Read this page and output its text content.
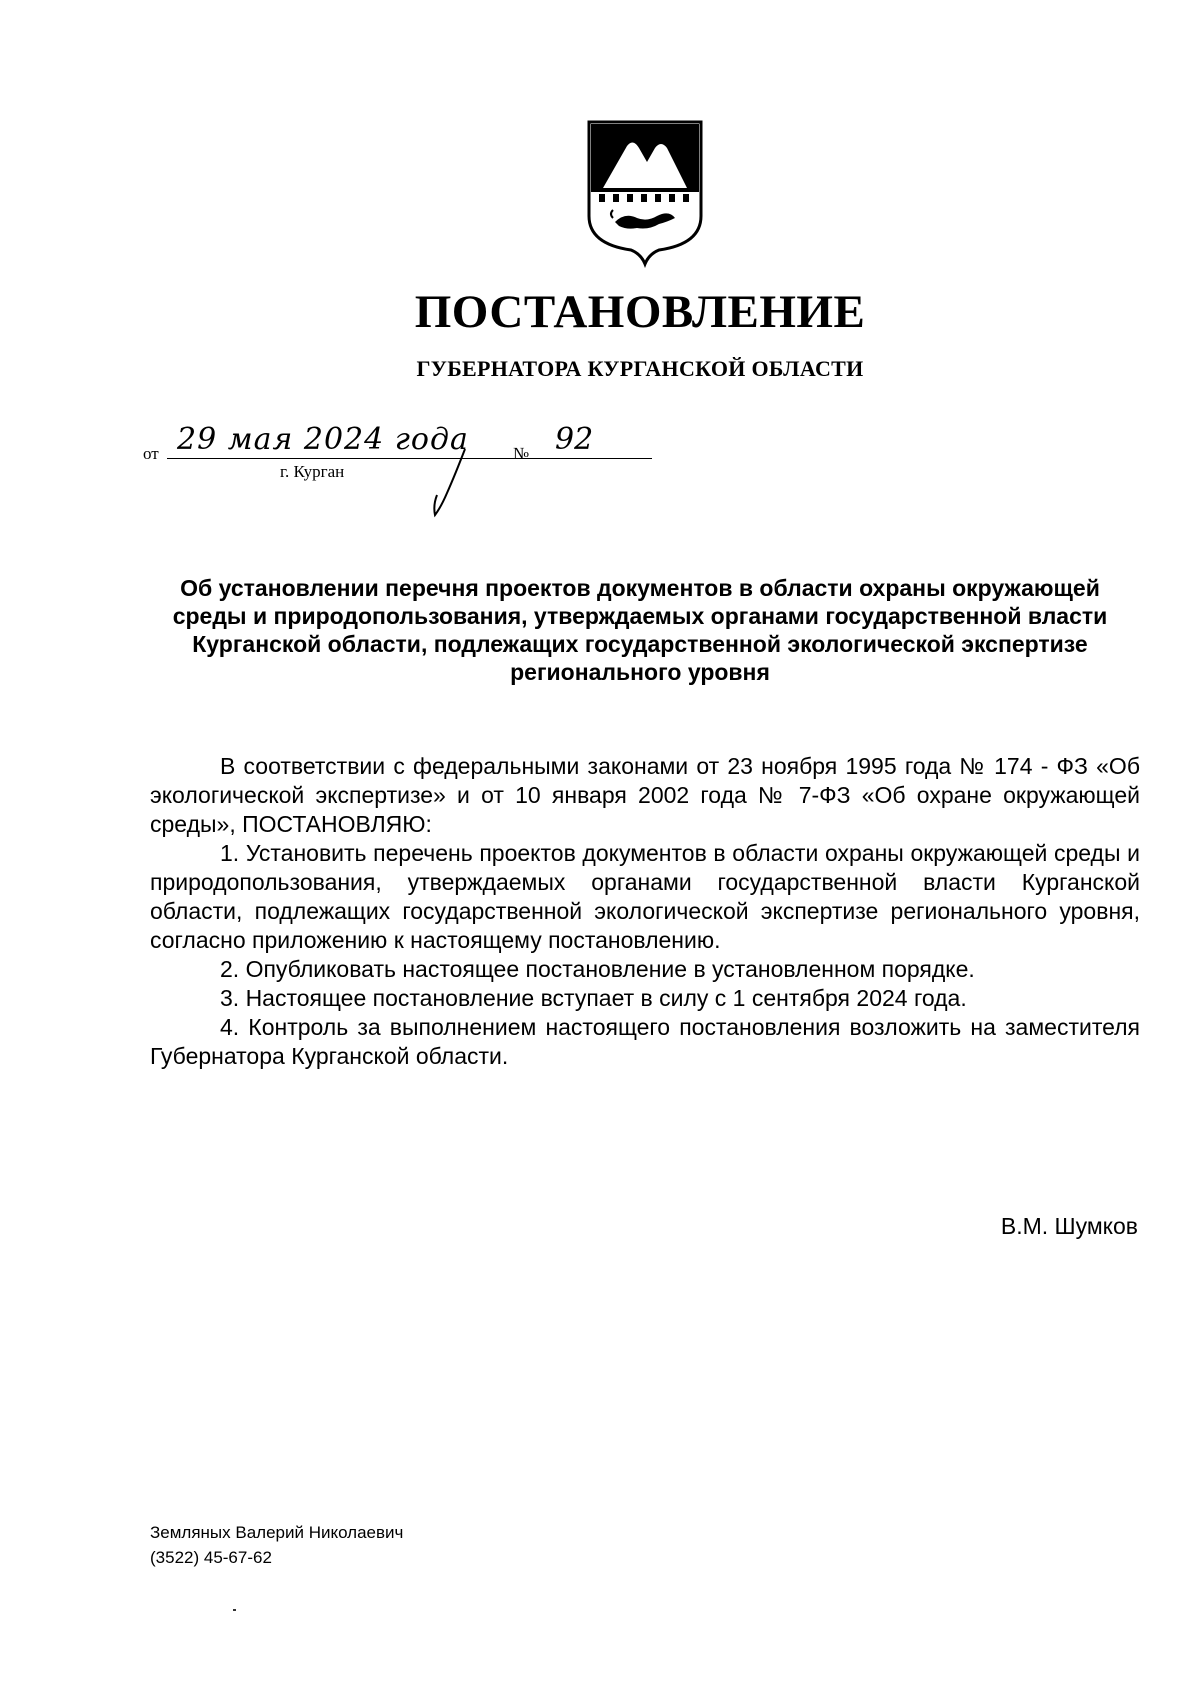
ПОСТАНОВЛЕНИЕ
ГУБЕРНАТОРА КУРГАНСКОЙ ОБЛАСТИ
от 29 мая 2024 года	№ 92
г. Курган
Об установлении перечня проектов документов в области охраны окружающей среды и природопользования, утверждаемых органами государственной власти Курганской области, подлежащих государственной экологической экспертизе регионального уровня

В соответствии с федеральными законами от 23 ноября 1995 года № 174 - ФЗ «Об экологической экспертизе» и от 10 января 2002 года № 7-ФЗ «Об охране окружающей среды», ПОСТАНОВЛЯЮ:

1. Установить перечень проектов документов в области охраны окружающей среды и природопользования, утверждаемых органами государственной власти Курганской области, подлежащих государственной экологической экспертизе регионального уровня, согласно приложению к настоящему постановлению.

2. Опубликовать настоящее постановление в установленном порядке.

3. Настоящее постановление вступает в силу с 1 сентября 2024 года.

4. Контроль за выполнением настоящего постановления возложить на заместителя Губернатора Курганской области.

В.М. Шумков
Земляных Валерий Николаевич
(3522) 45-67-62
